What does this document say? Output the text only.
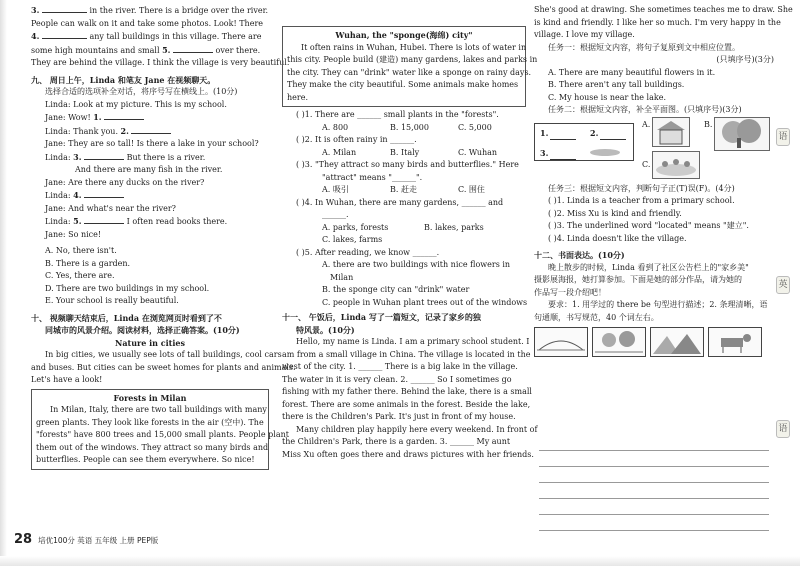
3.	in the river. There is a bridge over the river.
People can walk on it and take some photos. Look! There
4.	any tall buildings in this village. There are
some high mountains and small 5.	over there.
They are behind the village. I think the village is very beautiful.
九、 周日上午，Linda 和笔友 Jane 在视频聊天。
选择合适的选项补全对话，将序号写在横线上。(10分)
Linda: Look at my picture. This is my school.
Jane: Wow! 1.
Linda: Thank you. 2.
Jane: They are so tall! Is there a lake in your school?
Linda: 3.	But there is a river.
And there are many fish in the river.
Jane: Are there any ducks on the river?
Linda: 4.
Jane: And what's near the river?
Linda: 5.	I often read books there.
Jane: So nice!
A. No, there isn't.
B. There is a garden.
C. Yes, there are.
D. There are two buildings in my school.
E. Your school is really beautiful.
十、 视频聊天结束后，Linda 在浏览网页时看到了不
同城市的风景介绍。阅读材料，选择正确答案。(10分)
Nature in cities
In big cities, we usually see lots of tall buildings, cool cars
and buses. But cities can be sweet homes for plants and animals.
Let's have a look!
Forests in Milan
In Milan, Italy, there are two tall buildings with many
green plants. They look like forests in the air (空中). The
"forests" have 800 trees and 15,000 small plants. People plant
them out of the windows. They attract so many birds and
butterflies. People can see them everywhere. So nice!
Wuhan, the "sponge(海绵) city"
It often rains in Wuhan, Hubei. There is lots of water in
this city. People build (建造) many gardens, lakes and parks in
the city. They can "drink" water like a sponge on rainy days.
They make the city beautiful. Some animals make homes
here.
( )1. There are ______ small plants in the "forests".
A. 800	B. 15,000	C. 5,000
( )2. It is often rainy in ______.
A. Milan	B. Italy	C. Wuhan
( )3. "They attract so many birds and butterflies." Here
"attract" means "______".
A. 吸引	B. 赶走	C. 围住
( )4. In Wuhan, there are many gardens, ______ and
______.
A. parks, forests	B. lakes, parks
C. lakes, farms
( )5. After reading, we know ______.
A. there are two buildings with nice flowers in
Milan
B. the sponge city can "drink" water
C. people in Wuhan plant trees out of the windows
十一、 午饭后，Linda 写了一篇短文，记录了家乡的独
特风景。(10分)
Hello, my name is Linda. I am a primary school student. I
am from a small village in China. The village is located in the
west of the city. 1. ______ There is a big lake in the village.
The water in it is very clean. 2. ______ So I sometimes go
fishing with my father there. Behind the lake, there is a small
forest. There are some animals in the forest. Beside the lake,
there is the Children's Park. It's just in front of my house.
Many children play happily here every weekend. In front of
the Children's Park, there is a garden. 3. ______ My aunt
Miss Xu often goes there and draws pictures with her friends.
She's good at drawing. She sometimes teaches me to draw. She
is kind and friendly. I like her so much. I'm very happy in the
village. I love my village.
任务一：根据短文内容，将句子复原到文中相应位置。
(只填序号)(3分)
A. There are many beautiful flowers in it.
B. There aren't any tall buildings.
C. My house is near the lake.
任务二：根据短文内容，补全平面图。(只填序号)(3分)
1.	2.
3.
A.	B.
C.
任务三：根据短文内容，判断句子正(T)误(F)。(4分)
( )1. Linda is a teacher from a primary school.
( )2. Miss Xu is kind and friendly.
( )3. The underlined word "located" means "建立".
( )4. Linda doesn't like the village.
十二、书面表达。(10分)
晚上散步的时候，Linda 看到了社区公告栏上的"家乡美"
摄影展海报，她打算参加。下面是她的部分作品，请为她的
作品写一段介绍吧！
要求：1. 用学过的 there be 句型进行描述；2. 条理清晰，语
句通顺，书写规范，40 个词左右。
语
英
语
28 培优100分 英语 五年级 上册 PEP版
